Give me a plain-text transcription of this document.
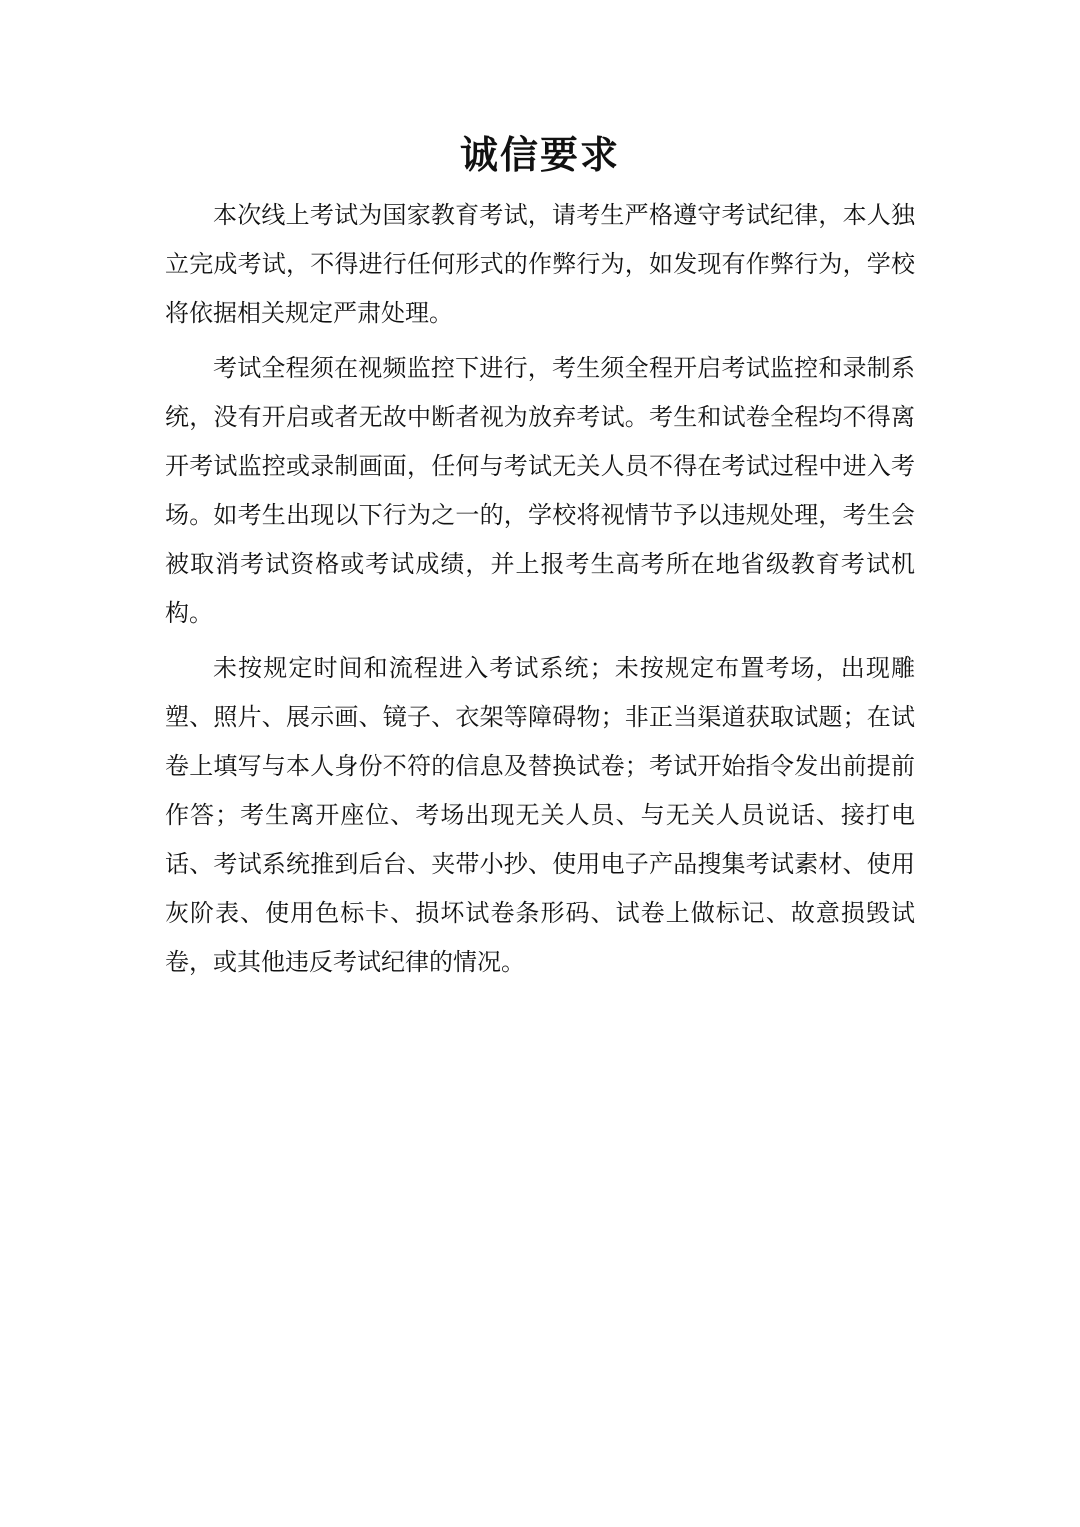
诚信要求

本次线上考试为国家教育考试，请考生严格遵守考试纪律，本人独立完成考试，不得进行任何形式的作弊行为，如发现有作弊行为，学校将依据相关规定严肃处理。

考试全程须在视频监控下进行，考生须全程开启考试监控和录制系统，没有开启或者无故中断者视为放弃考试。考生和试卷全程均不得离开考试监控或录制画面，任何与考试无关人员不得在考试过程中进入考场。如考生出现以下行为之一的，学校将视情节予以违规处理，考生会被取消考试资格或考试成绩，并上报考生高考所在地省级教育考试机构。

未按规定时间和流程进入考试系统；未按规定布置考场，出现雕塑、照片、展示画、镜子、衣架等障碍物；非正当渠道获取试题；在试卷上填写与本人身份不符的信息及替换试卷；考试开始指令发出前提前作答；考生离开座位、考场出现无关人员、与无关人员说话、接打电话、考试系统推到后台、夹带小抄、使用电子产品搜集考试素材、使用灰阶表、使用色标卡、损坏试卷条形码、试卷上做标记、故意损毁试卷，或其他违反考试纪律的情况。
